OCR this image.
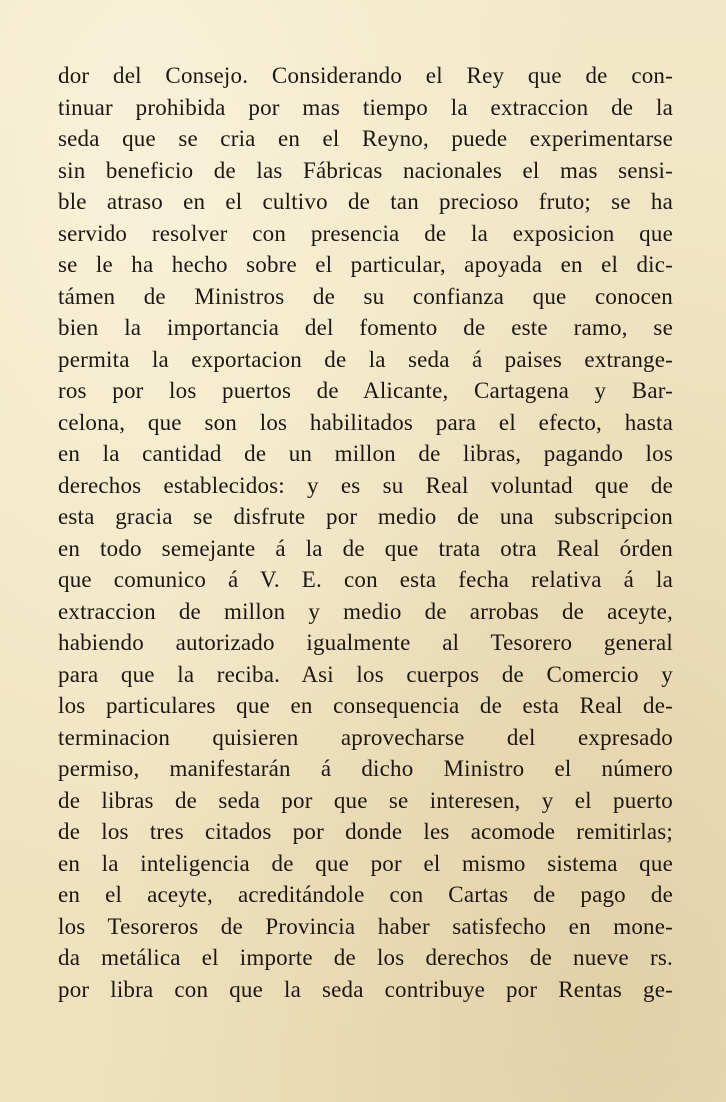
dor del Consejo. Considerando el Rey que de con-
tinuar prohibida por mas tiempo la extraccion de la
seda que se cria en el Reyno, puede experimentarse
sin beneficio de las Fábricas nacionales el mas sensi-
ble atraso en el cultivo de tan precioso fruto; se ha
servido resolver con presencia de la exposicion que
se le ha hecho sobre el particular, apoyada en el dic-
támen de Ministros de su confianza que conocen
bien la importancia del fomento de este ramo, se
permita la exportacion de la seda á paises extrange-
ros por los puertos de Alicante, Cartagena y Bar-
celona, que son los habilitados para el efecto, hasta
en la cantidad de un millon de libras, pagando los
derechos establecidos: y es su Real voluntad que de
esta gracia se disfrute por medio de una subscripcion
en todo semejante á la de que trata otra Real órden
que comunico á V. E. con esta fecha relativa á la
extraccion de millon y medio de arrobas de aceyte,
habiendo autorizado igualmente al Tesorero general
para que la reciba. Asi los cuerpos de Comercio y
los particulares que en consequencia de esta Real de-
terminacion quisieren aprovecharse del expresado
permiso, manifestarán á dicho Ministro el número
de libras de seda por que se interesen, y el puerto
de los tres citados por donde les acomode remitirlas;
en la inteligencia de que por el mismo sistema que
en el aceyte, acreditándole con Cartas de pago de
los Tesoreros de Provincia haber satisfecho en mone-
da metálica el importe de los derechos de nueve rs.
por libra con que la seda contribuye por Rentas ge-
